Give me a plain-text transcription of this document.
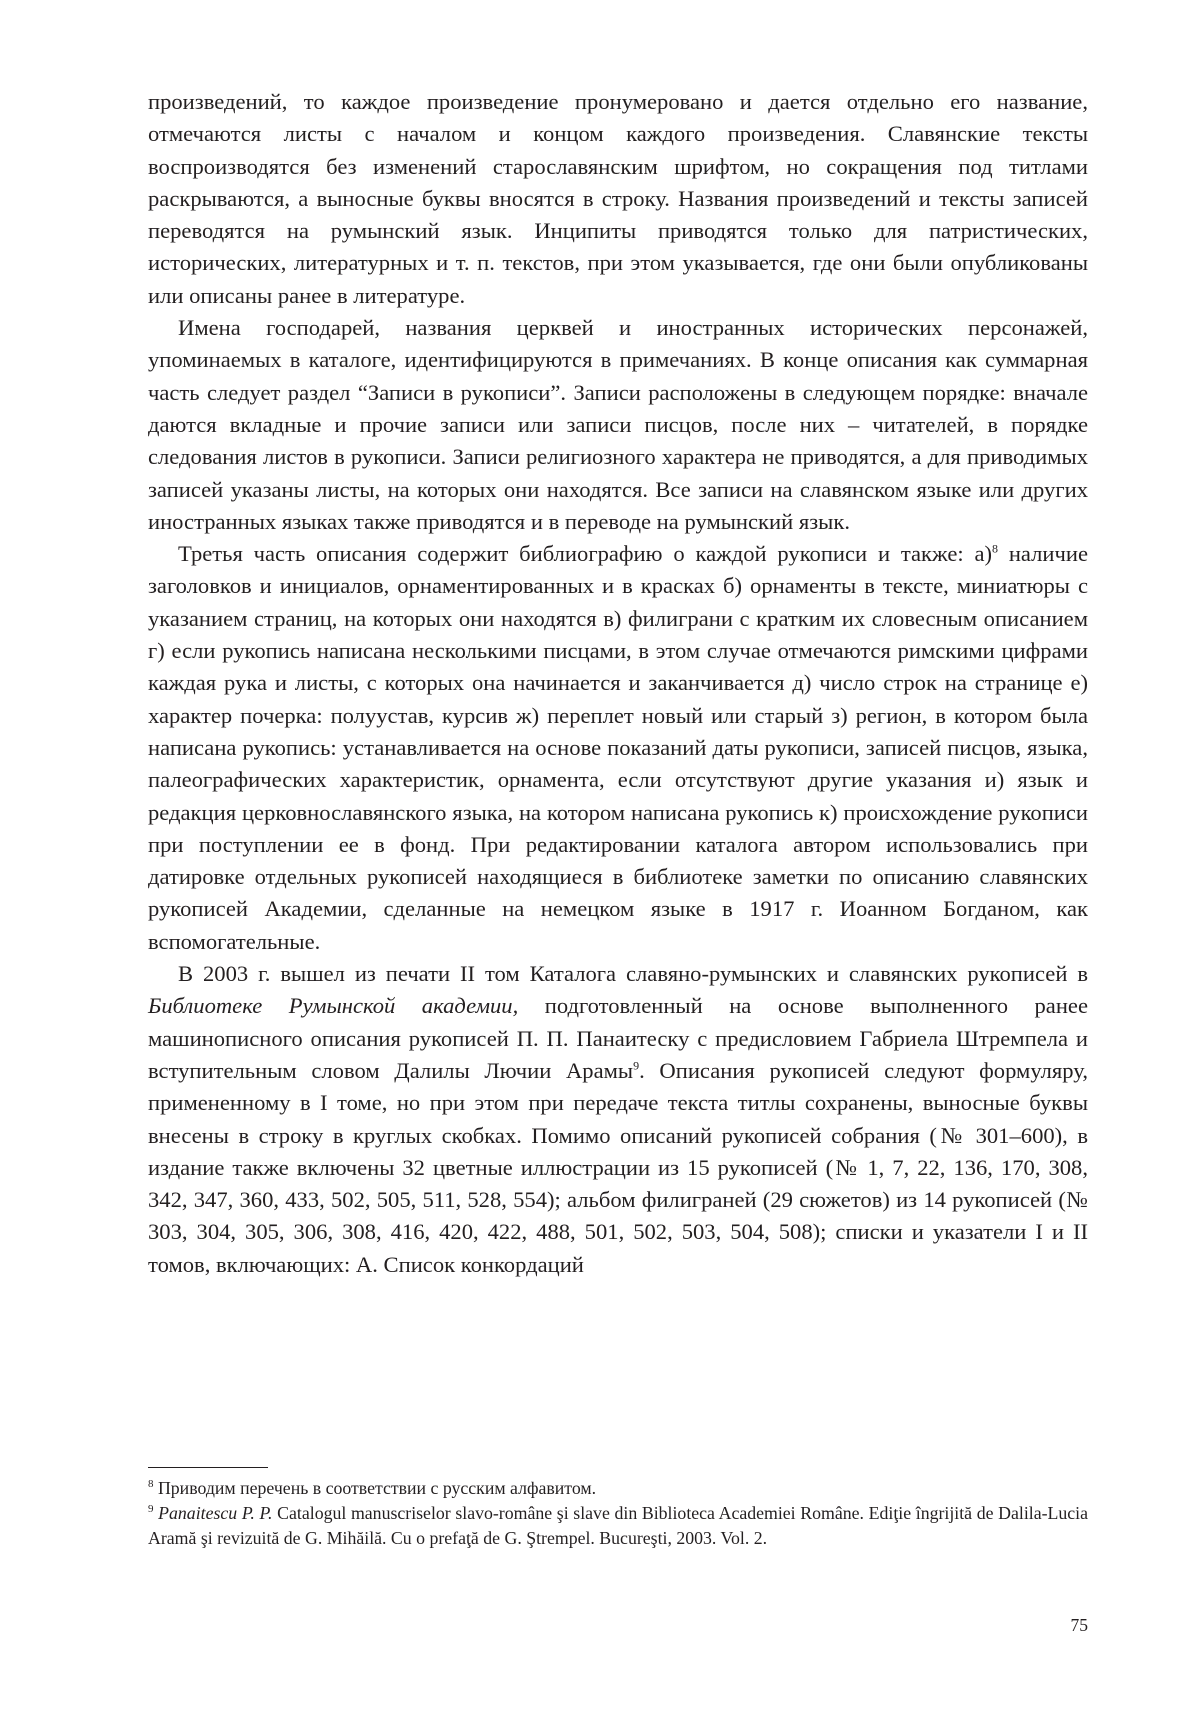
произведений, то каждое произведение пронумеровано и дается отдельно его название, отмечаются листы с началом и концом каждого произведения. Славянские тексты воспроизводятся без изменений старославянским шрифтом, но сокращения под титлами раскрываются, а выносные буквы вносятся в строку. Названия произведений и тексты записей переводятся на румынский язык. Инципиты приводятся только для патристических, исторических, литературных и т. п. текстов, при этом указывается, где они были опубликованы или описаны ранее в литературе.

Имена господарей, названия церквей и иностранных исторических персонажей, упоминаемых в каталоге, идентифицируются в примечаниях. В конце описания как суммарная часть следует раздел “Записи в рукописи”. Записи расположены в следующем порядке: вначале даются вкладные и прочие записи или записи писцов, после них – читателей, в порядке следования листов в рукописи. Записи религиозного характера не приводятся, а для приводимых записей указаны листы, на которых они находятся. Все записи на славянском языке или других иностранных языках также приводятся и в переводе на румынский язык.

Третья часть описания содержит библиографию о каждой рукописи и также: а)8 наличие заголовков и инициалов, орнаментированных и в красках б) орнаменты в тексте, миниатюры с указанием страниц, на которых они находятся в) филиграни с кратким их словесным описанием г) если рукопись написана несколькими писцами, в этом случае отмечаются римскими цифрами каждая рука и листы, с которых она начинается и заканчивается д) число строк на странице е) характер почерка: полуустав, курсив ж) переплет новый или старый з) регион, в котором была написана рукопись: устанавливается на основе показаний даты рукописи, записей писцов, языка, палеографических характеристик, орнамента, если отсутствуют другие указания и) язык и редакция церковнославянского языка, на котором написана рукопись к) происхождение рукописи при поступлении ее в фонд. При редактировании каталога автором использовались при датировке отдельных рукописей находящиеся в библиотеке заметки по описанию славянских рукописей Академии, сделанные на немецком языке в 1917 г. Иоанном Богданом, как вспомогательные.

В 2003 г. вышел из печати II том Каталога славяно-румынских и славянских рукописей в Библиотеке Румынской академии, подготовленный на основе выполненного ранее машинописного описания рукописей П. П. Панаитеску с предисловием Габриела Штремпела и вступительным словом Далилы Лючии Арамы9. Описания рукописей следуют формуляру, примененному в I томе, но при этом при передаче текста титлы сохранены, выносные буквы внесены в строку в круглых скобках. Помимо описаний рукописей собрания (№ 301–600), в издание также включены 32 цветные иллюстрации из 15 рукописей (№ 1, 7, 22, 136, 170, 308, 342, 347, 360, 433, 502, 505, 511, 528, 554); альбом филиграней (29 сюжетов) из 14 рукописей (№ 303, 304, 305, 306, 308, 416, 420, 422, 488, 501, 502, 503, 504, 508); списки и указатели I и II томов, включающих: А. Список конкордаций

8 Приводим перечень в соответствии с русским алфавитом.

9 Panaitescu P. P. Catalogul manuscriselor slavo-române şi slave din Biblioteca Academiei Române. Ediţie îngrijită de Dalila-Lucia Aramă şi revizuită de G. Mihăilă. Cu o prefaţă de G. Ştrempel. Bucureşti, 2003. Vol. 2.

75
